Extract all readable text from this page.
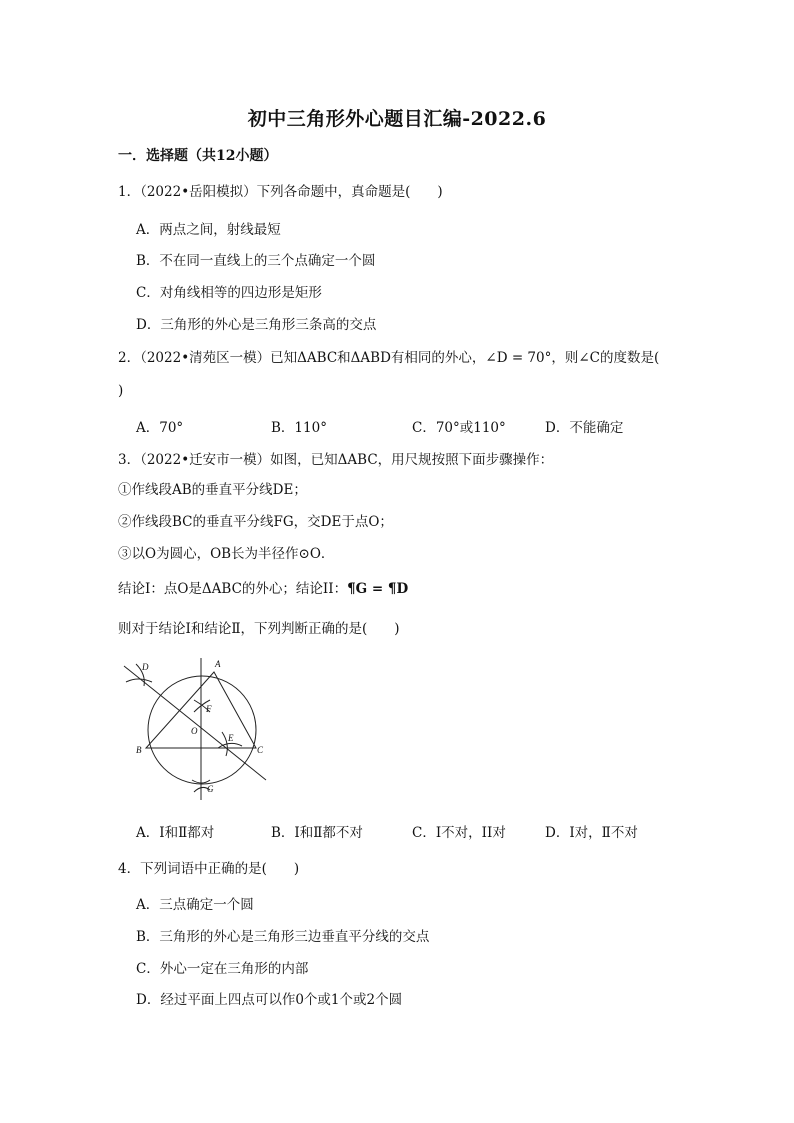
初中三角形外心题目汇编-2022.6
一．选择题（共12小题）
1．（2022•岳阳模拟）下列各命题中，真命题是(　　)
A．两点之间，射线最短
B．不在同一直线上的三个点确定一个圆
C．对角线相等的四边形是矩形
D．三角形的外心是三角形三条高的交点
2．（2022•清苑区一模）已知ΔABC和ΔABD有相同的外心，∠D = 70°，则∠C的度数是(
)
A．70°	B．110°	C．70°或110°	D．不能确定
3．（2022•迁安市一模）如图，已知ΔABC，用尺规按照下面步骤操作：
①作线段AB的垂直平分线DE；
②作线段BC的垂直平分线FG，交DE于点O；
③以O为圆心，OB长为半径作⊙O．
结论I：点O是ΔABC的外心；结论II：¶G = ¶D
则对于结论I和结论Ⅱ，下列判断正确的是(　　)
A
B	C
D
E
F
G
O
A．I和Ⅱ都对	B．I和Ⅱ都不对	C．I不对，II对	D．I对，Ⅱ不对
4．下列词语中正确的是(　　)
A．三点确定一个圆
B．三角形的外心是三角形三边垂直平分线的交点
C．外心一定在三角形的内部
D．经过平面上四点可以作0个或1个或2个圆
